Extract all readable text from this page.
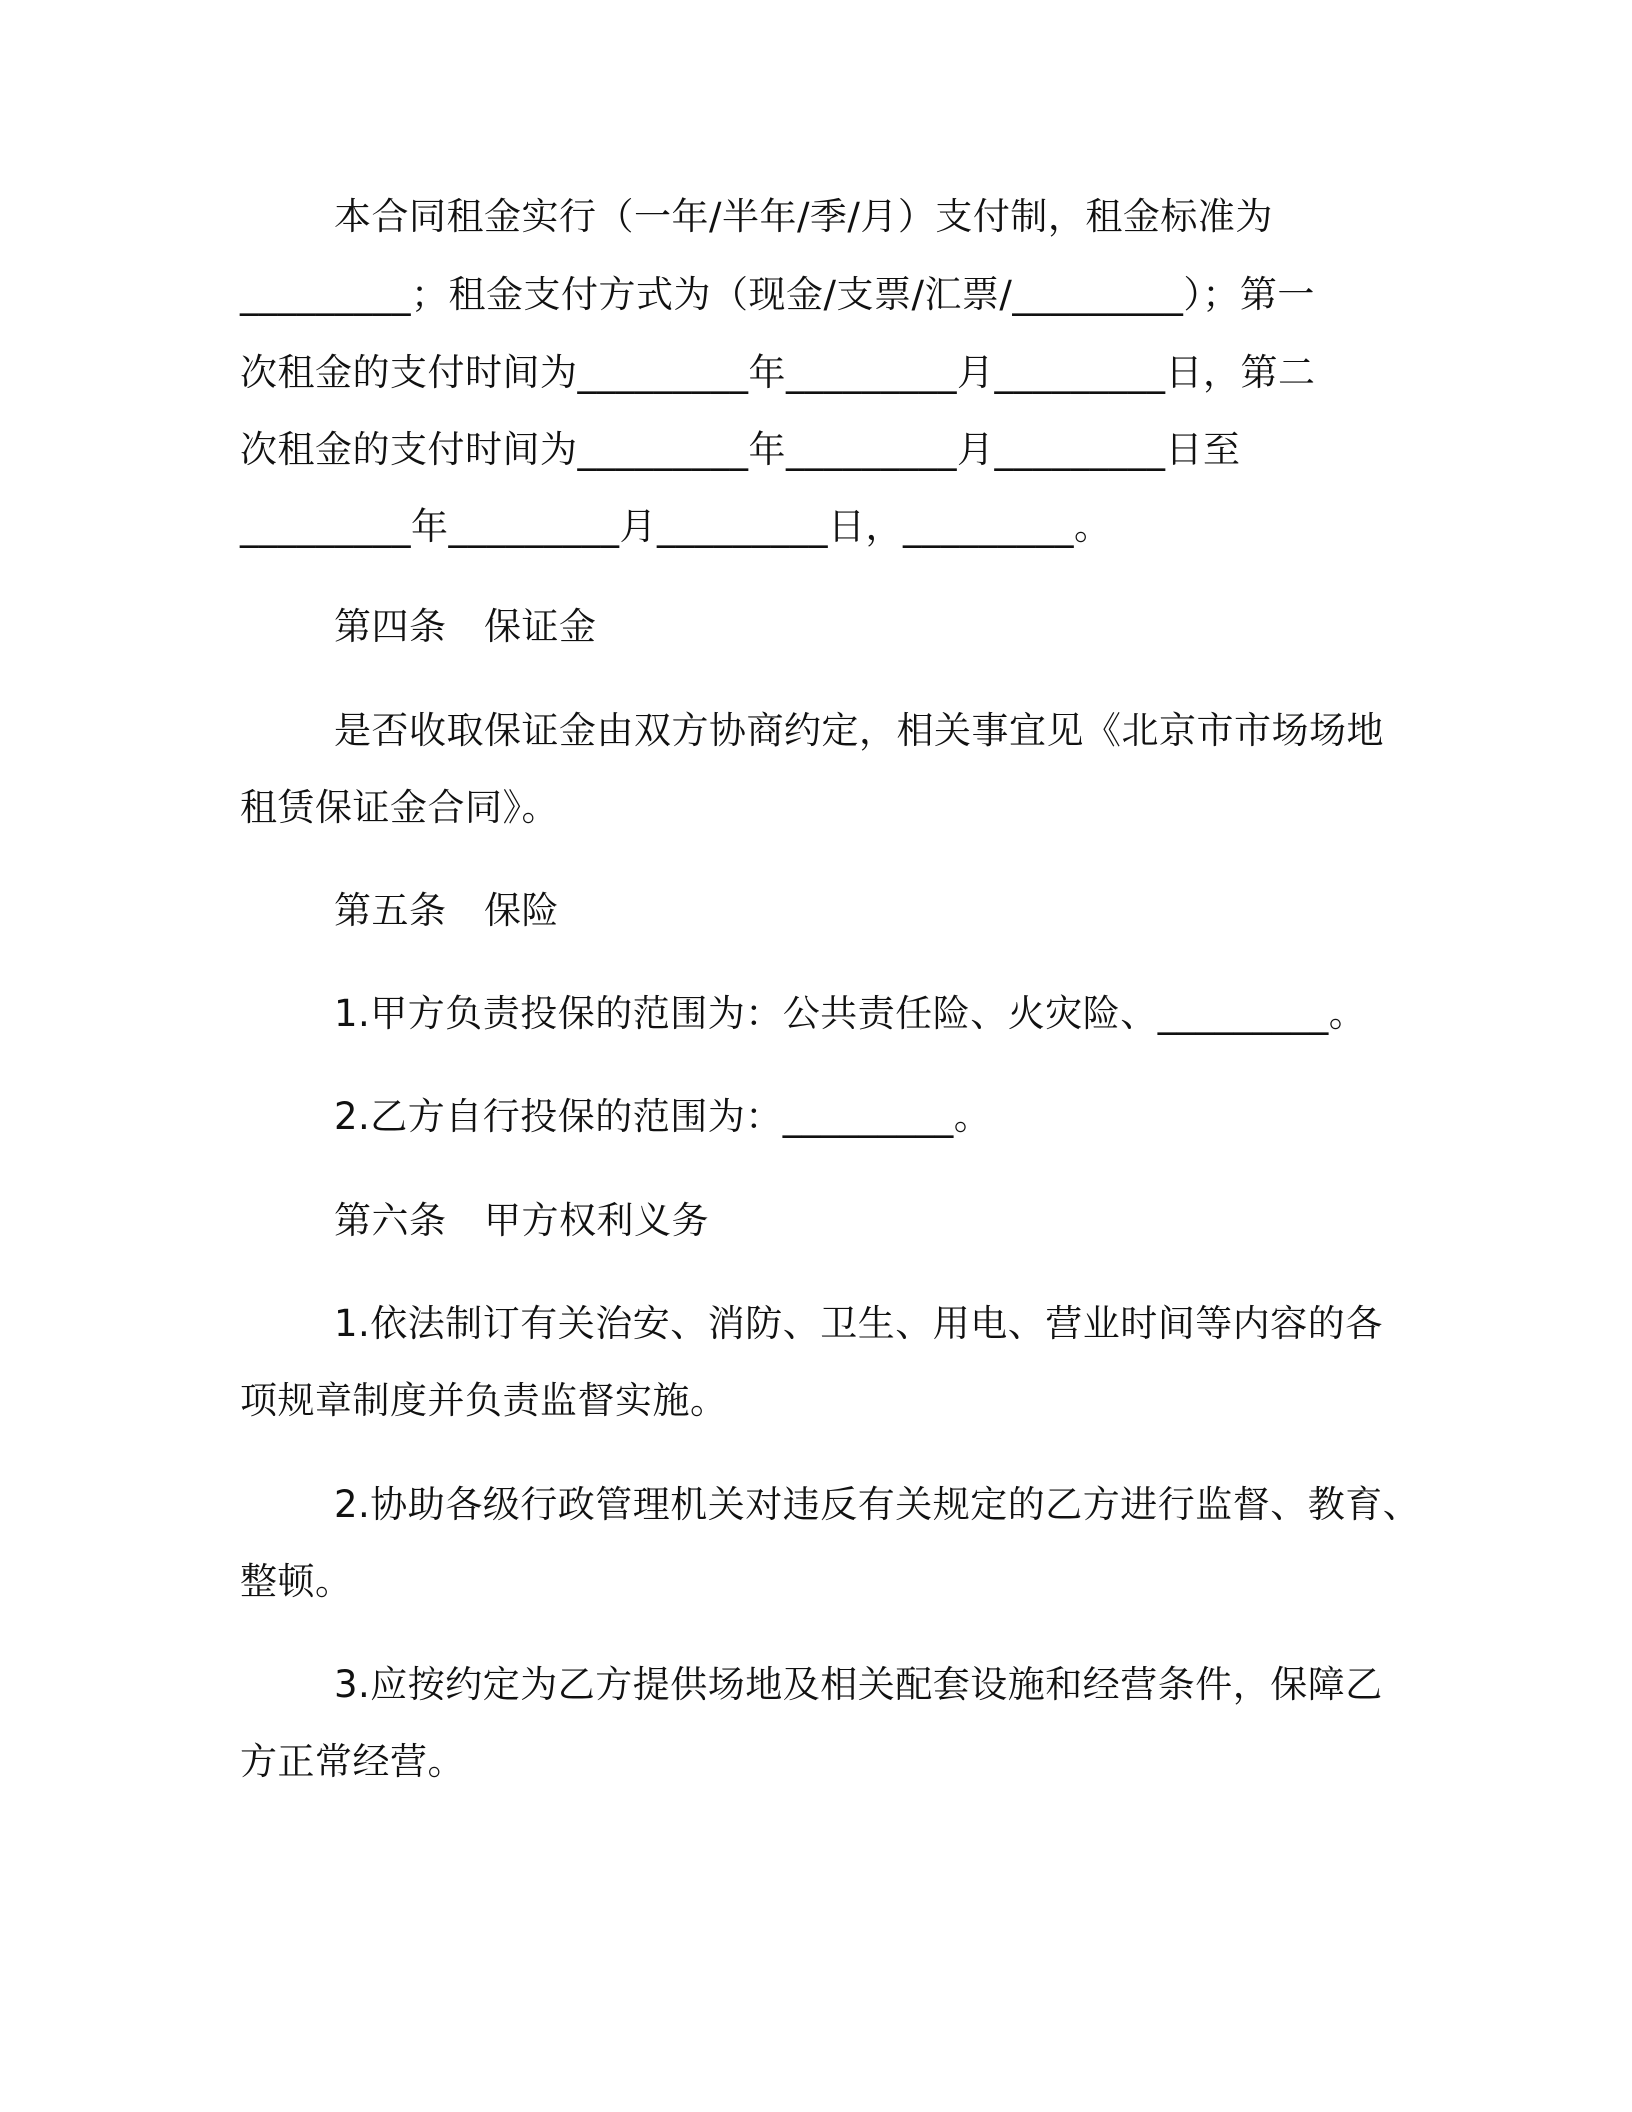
本合同租金实行（一年/半年/季/月）支付制，租金标准为
_________；租金支付方式为（现金/支票/汇票/_________）；第一
次租金的支付时间为_________年_________月_________日，第二
次租金的支付时间为_________年_________月_________日至
_________年_________月_________日，_________。
第四条　保证金
是否收取保证金由双方协商约定，相关事宜见《北京市市场场地
租赁保证金合同》。
第五条　保险
1.甲方负责投保的范围为：公共责任险、火灾险、_________。
2.乙方自行投保的范围为：_________。
第六条　甲方权利义务
1.依法制订有关治安、消防、卫生、用电、营业时间等内容的各
项规章制度并负责监督实施。
2.协助各级行政管理机关对违反有关规定的乙方进行监督、教育、
整顿。
3.应按约定为乙方提供场地及相关配套设施和经营条件，保障乙
方正常经营。
